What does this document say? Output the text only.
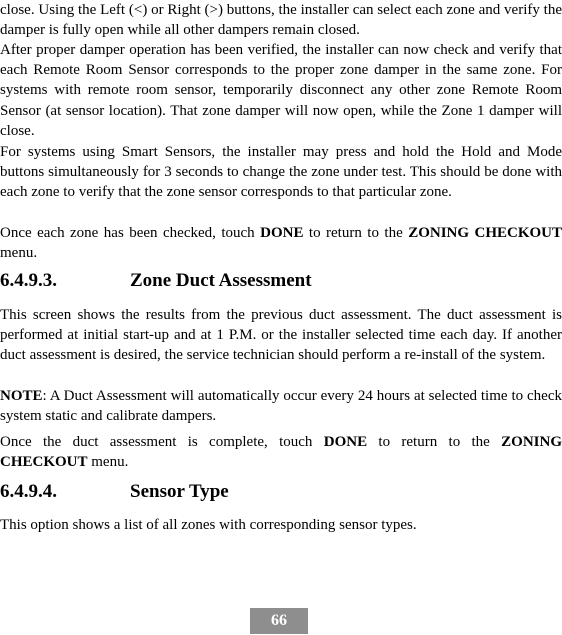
close. Using the Left (<) or Right (>) buttons, the installer can select each zone and verify the damper is fully open while all other dampers remain closed.

After proper damper operation has been verified, the installer can now check and verify that each Remote Room Sensor corresponds to the proper zone damper in the same zone. For systems with remote room sensor, temporarily disconnect any other zone Remote Room Sensor (at sensor location). That zone damper will now open, while the Zone 1 damper will close.

For systems using Smart Sensors, the installer may press and hold the Hold and Mode buttons simultaneously for 3 seconds to change the zone under test. This should be done with each zone to verify that the zone sensor corresponds to that particular zone.

Once each zone has been checked, touch DONE to return to the ZONING CHECKOUT menu.

6.4.9.3.	Zone Duct Assessment

This screen shows the results from the previous duct assessment. The duct assessment is performed at initial start-up and at 1 P.M. or the installer selected time each day. If another duct assessment is desired, the service technician should perform a re-install of the system.

NOTE: A Duct Assessment will automatically occur every 24 hours at selected time to check system static and calibrate dampers.

Once the duct assessment is complete, touch DONE to return to the ZONING CHECKOUT menu.

6.4.9.4.	Sensor Type

This option shows a list of all zones with corresponding sensor types.

66
